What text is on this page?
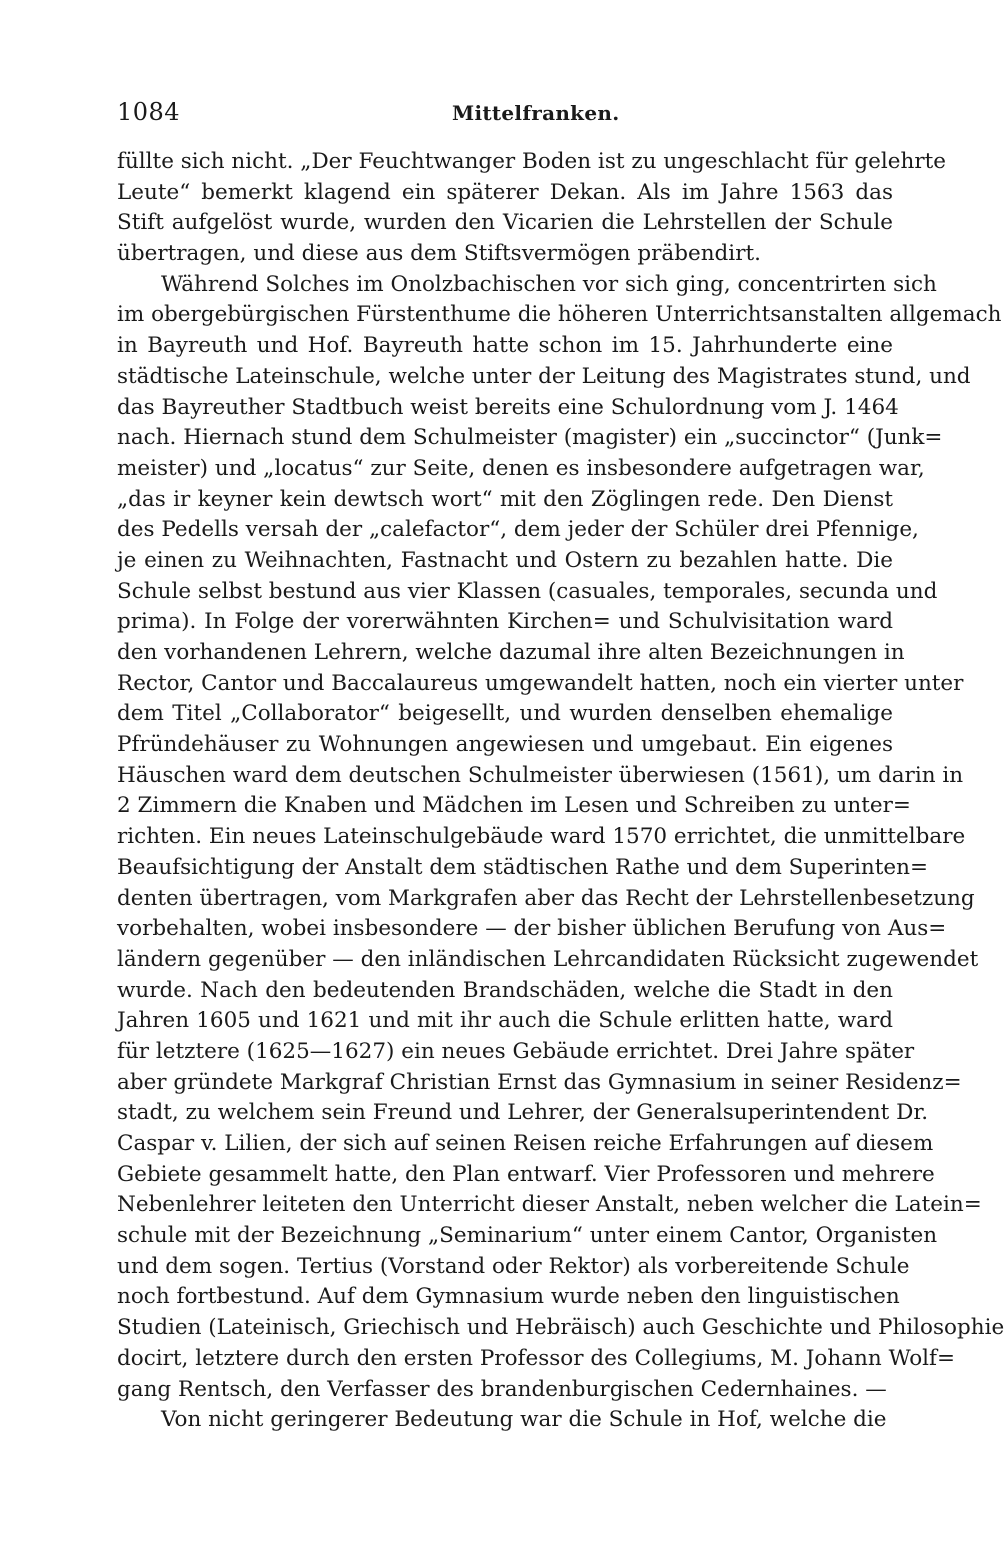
1084	Mittelfranken.
füllte sich nicht. „Der Feuchtwanger Boden ist zu ungeschlacht für gelehrte
Leute“ bemerkt klagend ein späterer Dekan. Als im Jahre 1563 das
Stift aufgelöst wurde, wurden den Vicarien die Lehrstellen der Schule
übertragen, und diese aus dem Stiftsvermögen präbendirt.
Während Solches im Onolzbachischen vor sich ging, concentrirten sich
im obergebürgischen Fürstenthume die höheren Unterrichtsanstalten allgemach
in Bayreuth und Hof. Bayreuth hatte schon im 15. Jahrhunderte eine
städtische Lateinschule, welche unter der Leitung des Magistrates stund, und
das Bayreuther Stadtbuch weist bereits eine Schulordnung vom J. 1464
nach. Hiernach stund dem Schulmeister (magister) ein „succinctor“ (Junk=
meister) und „locatus“ zur Seite, denen es insbesondere aufgetragen war,
„das ir keyner kein dewtsch wort“ mit den Zöglingen rede. Den Dienst
des Pedells versah der „calefactor“, dem jeder der Schüler drei Pfennige,
je einen zu Weihnachten, Fastnacht und Ostern zu bezahlen hatte. Die
Schule selbst bestund aus vier Klassen (casuales, temporales, secunda und
prima). In Folge der vorerwähnten Kirchen= und Schulvisitation ward
den vorhandenen Lehrern, welche dazumal ihre alten Bezeichnungen in
Rector, Cantor und Baccalaureus umgewandelt hatten, noch ein vierter unter
dem Titel „Collaborator“ beigesellt, und wurden denselben ehemalige
Pfründehäuser zu Wohnungen angewiesen und umgebaut. Ein eigenes
Häuschen ward dem deutschen Schulmeister überwiesen (1561), um darin in
2 Zimmern die Knaben und Mädchen im Lesen und Schreiben zu unter=
richten. Ein neues Lateinschulgebäude ward 1570 errichtet, die unmittelbare
Beaufsichtigung der Anstalt dem städtischen Rathe und dem Superinten=
denten übertragen, vom Markgrafen aber das Recht der Lehrstellenbesetzung
vorbehalten, wobei insbesondere — der bisher üblichen Berufung von Aus=
ländern gegenüber — den inländischen Lehrcandidaten Rücksicht zugewendet
wurde. Nach den bedeutenden Brandschäden, welche die Stadt in den
Jahren 1605 und 1621 und mit ihr auch die Schule erlitten hatte, ward
für letztere (1625—1627) ein neues Gebäude errichtet. Drei Jahre später
aber gründete Markgraf Christian Ernst das Gymnasium in seiner Residenz=
stadt, zu welchem sein Freund und Lehrer, der Generalsuperintendent Dr.
Caspar v. Lilien, der sich auf seinen Reisen reiche Erfahrungen auf diesem
Gebiete gesammelt hatte, den Plan entwarf. Vier Professoren und mehrere
Nebenlehrer leiteten den Unterricht dieser Anstalt, neben welcher die Latein=
schule mit der Bezeichnung „Seminarium“ unter einem Cantor, Organisten
und dem sogen. Tertius (Vorstand oder Rektor) als vorbereitende Schule
noch fortbestund. Auf dem Gymnasium wurde neben den linguistischen
Studien (Lateinisch, Griechisch und Hebräisch) auch Geschichte und Philosophie
docirt, letztere durch den ersten Professor des Collegiums, M. Johann Wolf=
gang Rentsch, den Verfasser des brandenburgischen Cedernhaines. —
Von nicht geringerer Bedeutung war die Schule in Hof, welche die
